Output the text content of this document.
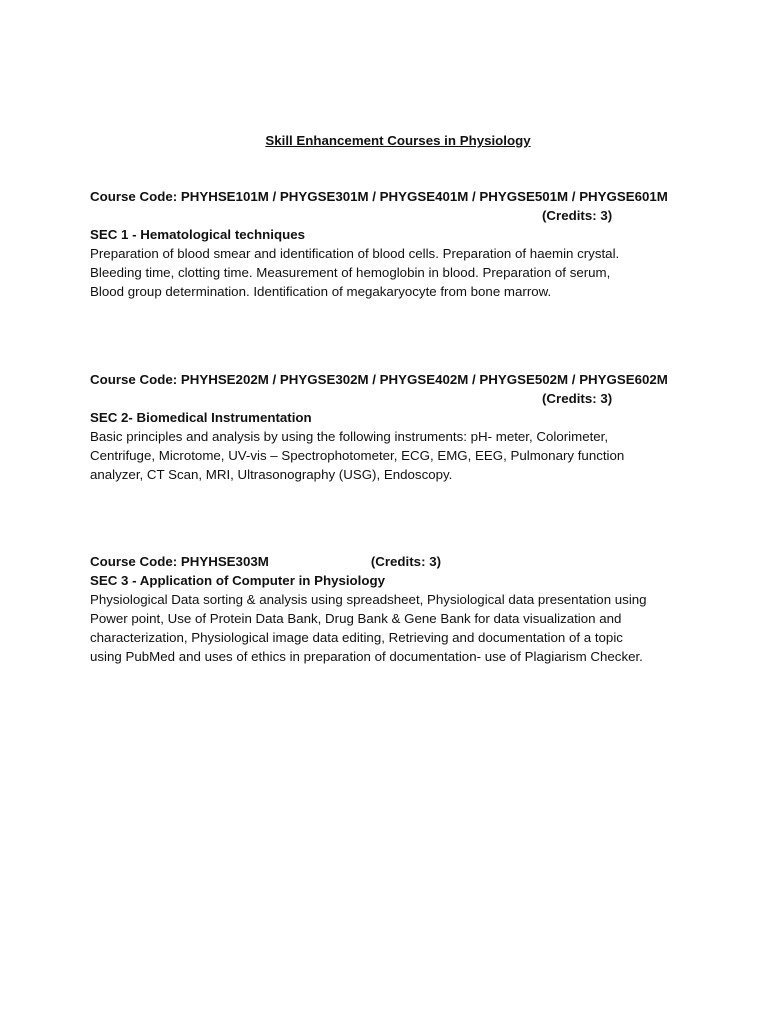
Skill Enhancement Courses in Physiology
Course Code: PHYHSE101M / PHYGSE301M / PHYGSE401M / PHYGSE501M / PHYGSE601M
(Credits: 3)
SEC 1 - Hematological techniques
Preparation of blood smear and identification of blood cells. Preparation of haemin crystal.
Bleeding time, clotting time. Measurement of hemoglobin in blood. Preparation of serum,
Blood group determination. Identification of megakaryocyte from bone marrow.
Course Code: PHYHSE202M / PHYGSE302M / PHYGSE402M / PHYGSE502M / PHYGSE602M
(Credits: 3)
SEC 2- Biomedical Instrumentation
Basic principles and analysis by using the following instruments: pH- meter, Colorimeter,
Centrifuge, Microtome, UV-vis – Spectrophotometer, ECG, EMG, EEG, Pulmonary function
analyzer, CT Scan, MRI, Ultrasonography (USG), Endoscopy.
Course Code: PHYHSE303M	(Credits: 3)
SEC 3 - Application of Computer in Physiology
Physiological Data sorting & analysis using spreadsheet, Physiological data presentation using
Power point, Use of Protein Data Bank, Drug Bank & Gene Bank for data visualization and
characterization, Physiological image data editing, Retrieving and documentation of a topic
using PubMed and uses of ethics in preparation of documentation- use of Plagiarism Checker.
